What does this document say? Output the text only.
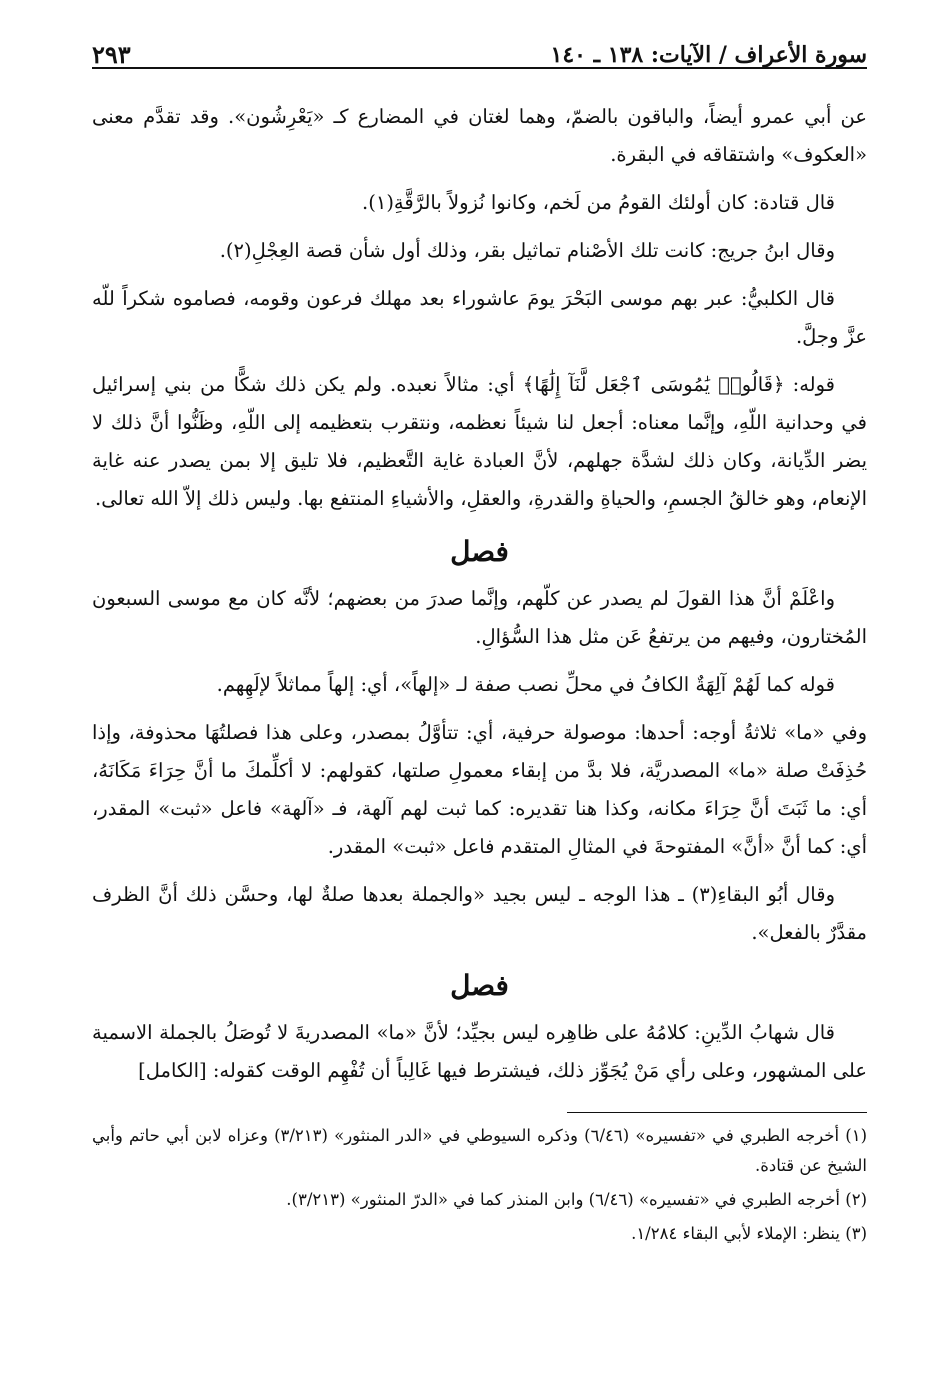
سورة الأعراف / الآيات: ١٣٨ ـ ١٤٠
٢٩٣

عن أبي عمرو أيضاً، والباقون بالضمّ، وهما لغتان في المضارع كـ «يَعْرِشُون». وقد تقدَّم معنى «العكوف» واشتقاقه في البقرة.

قال قتادة: كان أولئك القومُ من لَخم، وكانوا نُزولاً بالرَّقَّةِ(١).

وقال ابنُ جريج: كانت تلك الأصْنام تماثيل بقر، وذلك أول شأن قصة العِجْلِ(٢).

قال الكلبيُّ: عبر بهم موسى البَحْرَ يومَ عاشوراء بعد مهلك فرعون وقومه، فصاموه شكراً للّه عزَّ وجلَّ.

قوله: ﴿قَالُوا۟ يَٰمُوسَى ٱجْعَل لَّنَآ إِلَٰهًا﴾ أي: مثالاً نعبده. ولم يكن ذلك شكًّا من بني إسرائيل في وحدانية اللّهِ، وإنَّما معناه: أجعل لنا شيئاً نعظمه، ونتقرب بتعظيمه إلى اللّهِ، وظَنُّوا أنَّ ذلك لا يضر الدِّيانة، وكان ذلك لشدَّة جهلهم، لأنَّ العبادة غاية التَّعظيم، فلا تليق إلا بمن يصدر عنه غاية الإنعام، وهو خالقُ الجسمِ، والحياةِ والقدرةِ، والعقلِ، والأشياءِ المنتفع بها. وليس ذلك إلاّ الله تعالى.

فصل

واعْلَمْ أنَّ هذا القولَ لم يصدر عن كلّهم، وإنَّما صدرَ من بعضهم؛ لأنَّه كان مع موسى السبعون المُختارون، وفيهم من يرتفعُ عَن مثل هذا السُّؤالِ.

قوله كما لَهُمْ آلِهَةٌ الكافُ في محلِّ نصب صفة لـ «إلهاً»، أي: إلهاً مماثلاً لإلَهِهم.

وفي «ما» ثلاثةُ أوجه: أحدها: موصولة حرفية، أي: تتأوَّلُ بمصدر، وعلى هذا فصلتُهَا محذوفة، وإذا حُذِفَتْ صلة «ما» المصدريَّة، فلا بدَّ من إبقاء معمولِ صلتها، كقولهم: لا أكلِّمكَ ما أنَّ حِرَاءَ مَكَانَهُ، أي: ما ثَبَتَ أنَّ حِرَاءَ مكانه، وكذا هنا تقديره: كما ثبت لهم آلهة، فـ «آلهة» فاعل «ثبت» المقدر، أي: كما أنَّ «أنَّ» المفتوحةَ في المثالِ المتقدم فاعل «ثبت» المقدر.

وقال أبُو البقاءِ(٣) ـ هذا الوجه ـ ليس بجيد «والجملة بعدها صلةٌ لها، وحسَّن ذلك أنَّ الظرف مقدَّرٌ بالفعل».

فصل

قال شهابُ الدِّينِ: كلامُهُ على ظاهِره ليس بجيِّد؛ لأنَّ «ما» المصدريةَ لا تُوصَلُ بالجملة الاسمية على المشهور، وعلى رأي مَنْ يُجَوِّز ذلك، فيشترط فيها غَالِباً أن تُفْهِم الوقت كقوله: [الكامل]

(١) أخرجه الطبري في «تفسيره» (٦/٤٦) وذكره السيوطي في «الدر المنثور» (٣/٢١٣) وعزاه لابن أبي حاتم وأبي الشيخ عن قتادة.

(٢) أخرجه الطبري في «تفسيره» (٦/٤٦) وابن المنذر كما في «الدرّ المنثور» (٣/٢١٣).

(٣) ينظر: الإملاء لأبي البقاء ١/٢٨٤.
